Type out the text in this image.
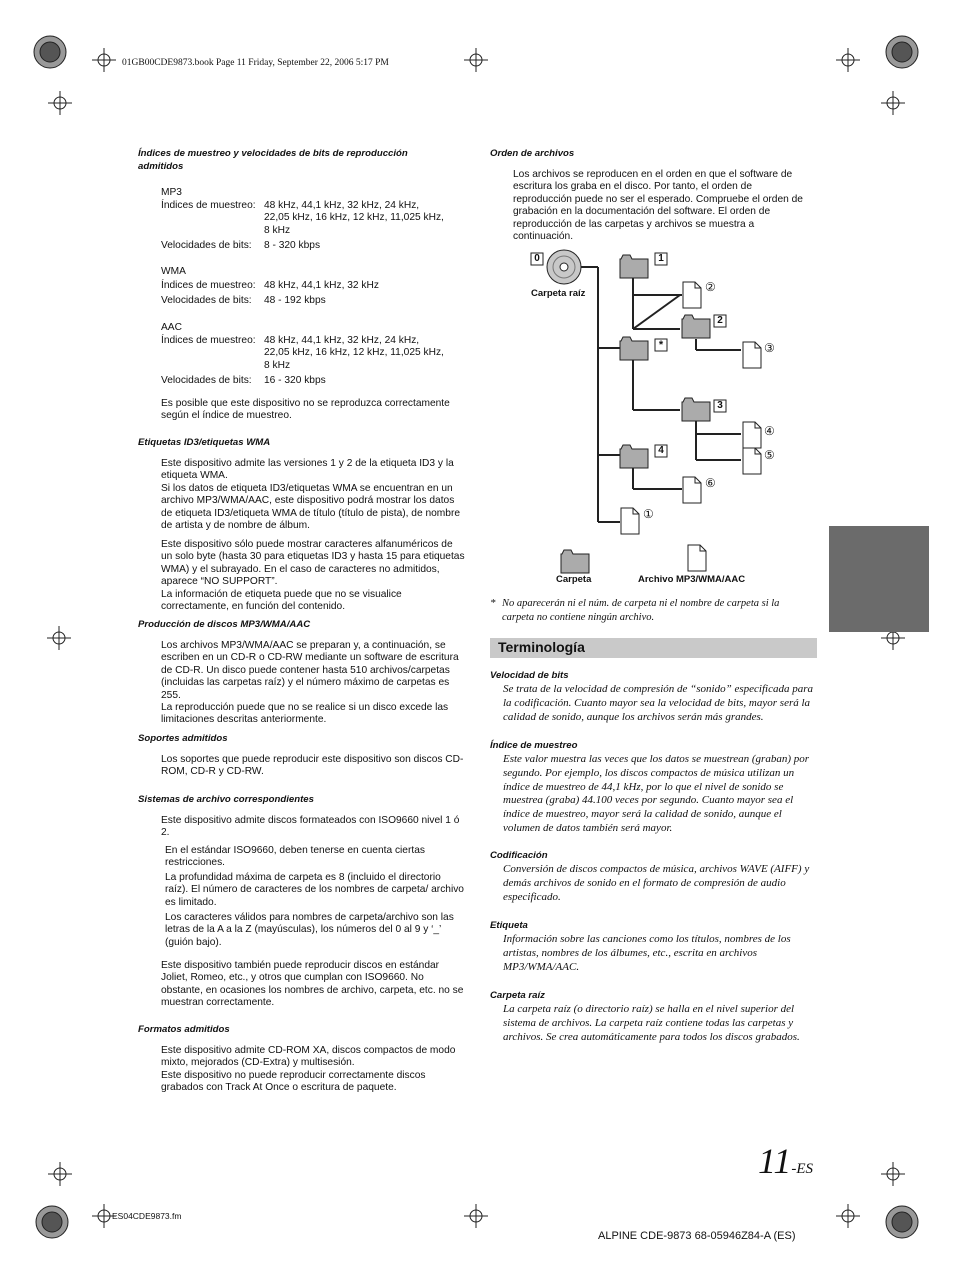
01GB00CDE9873.book Page 11 Friday, September 22, 2006 5:17 PM
Índices de muestreo y velocidades de bits de reproducción admitidos
MP3
Índices de muestreo: 48 kHz, 44,1 kHz, 32 kHz, 24 kHz,
22,05 kHz, 16 kHz, 12 kHz, 11,025 kHz,
8 kHz
Velocidades de bits:	8 - 320 kbps
WMA
Índices de muestreo: 48 kHz, 44,1 kHz, 32 kHz
Velocidades de bits:	48 - 192 kbps
AAC
Índices de muestreo: 48 kHz, 44,1 kHz, 32 kHz, 24 kHz,
22,05 kHz, 16 kHz, 12 kHz, 11,025 kHz,
8 kHz
Velocidades de bits:	16 - 320 kbps
Es posible que este dispositivo no se reproduzca correctamente según el índice de muestreo.
Etiquetas ID3/etiquetas WMA
Este dispositivo admite las versiones 1 y 2 de la etiqueta ID3 y la etiqueta WMA.
Si los datos de etiqueta ID3/etiquetas WMA se encuentran en un archivo MP3/WMA/AAC, este dispositivo podrá mostrar los datos de etiqueta ID3/etiqueta WMA de título (título de pista), de nombre de artista y de nombre de álbum.
Este dispositivo sólo puede mostrar caracteres alfanuméricos de un solo byte (hasta 30 para etiquetas ID3 y hasta 15 para etiquetas WMA) y el subrayado. En el caso de caracteres no admitidos, aparece “NO SUPPORT”.
La información de etiqueta puede que no se visualice correctamente, en función del contenido.
Producción de discos MP3/WMA/AAC
Los archivos MP3/WMA/AAC se preparan y, a continuación, se escriben en un CD-R o CD-RW mediante un software de escritura de CD-R. Un disco puede contener hasta 510 archivos/carpetas (incluidas las carpetas raíz) y el número máximo de carpetas es 255.
La reproducción puede que no se realice si un disco excede las limitaciones descritas anteriormente.
Soportes admitidos
Los soportes que puede reproducir este dispositivo son discos CD-ROM, CD-R y CD-RW.
Sistemas de archivo correspondientes
Este dispositivo admite discos formateados con ISO9660 nivel 1 ó 2.
En el estándar ISO9660, deben tenerse en cuenta ciertas restricciones.
La profundidad máxima de carpeta es 8 (incluido el directorio raíz). El número de caracteres de los nombres de carpeta/ archivo es limitado.
Los caracteres válidos para nombres de carpeta/archivo son las letras de la A a la Z (mayúsculas), los números del 0 al 9 y ‘_’ (guión bajo).
Este dispositivo también puede reproducir discos en estándar Joliet, Romeo, etc., y otros que cumplan con ISO9660. No obstante, en ocasiones los nombres de archivo, carpeta, etc. no se muestran correctamente.
Formatos admitidos
Este dispositivo admite CD-ROM XA, discos compactos de modo mixto, mejorados (CD-Extra) y multisesión.
Este dispositivo no puede reproducir correctamente discos grabados con Track At Once o escritura de paquete.
Orden de archivos
Los archivos se reproducen en el orden en que el software de escritura los graba en el disco. Por tanto, el orden de reproducción puede no ser el esperado. Compruebe el orden de grabación en la documentación del software. El orden de reproducción de las carpetas y archivos se muestra a continuación.
0
Carpeta raíz
1
2
*
3
4
②
③
④
⑤
⑥
①
Carpeta	Archivo MP3/WMA/AAC
* No aparecerán ni el núm. de carpeta ni el nombre de carpeta si la carpeta no contiene ningún archivo.
Terminología
Velocidad de bits
Se trata de la velocidad de compresión de “sonido” especificada para la codificación. Cuanto mayor sea la velocidad de bits, mayor será la calidad de sonido, aunque los archivos serán más grandes.
Índice de muestreo
Este valor muestra las veces que los datos se muestrean (graban) por segundo. Por ejemplo, los discos compactos de música utilizan un índice de muestreo de 44,1 kHz, por lo que el nivel de sonido se muestrea (graba) 44.100 veces por segundo. Cuanto mayor sea el índice de muestreo, mayor será la calidad de sonido, aunque el volumen de datos también será mayor.
Codificación
Conversión de discos compactos de música, archivos WAVE (AIFF) y demás archivos de sonido en el formato de compresión de audio especificado.
Etiqueta
Información sobre las canciones como los títulos, nombres de los artistas, nombres de los álbumes, etc., escrita en archivos MP3/WMA/AAC.
Carpeta raíz
La carpeta raíz (o directorio raíz) se halla en el nivel superior del sistema de archivos. La carpeta raíz contiene todas las carpetas y archivos. Se crea automáticamente para todos los discos grabados.
11-ES
ES04CDE9873.fm
ALPINE CDE-9873 68-05946Z84-A (ES)
